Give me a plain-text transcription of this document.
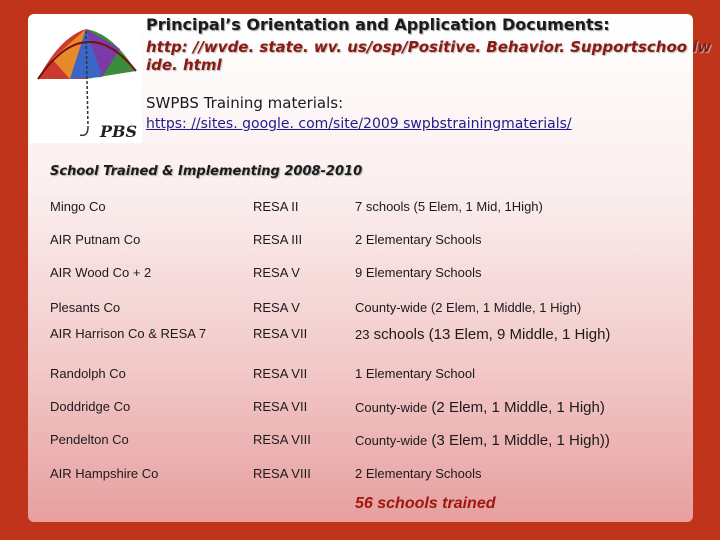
PBS
Principal’s Orientation and Application Documents:
http: //wvde. state. wv. us/osp/Positive. Behavior. Supportschoo lwide. html
SWPBS Training materials:
https: //sites. google. com/site/2009 swpbstrainingmaterials/
School Trained & Implementing 2008-2010
Mingo Co	RESA II	7 schools (5 Elem, 1 Mid, 1High)
AIR Putnam Co	RESA III	2 Elementary Schools
AIR Wood Co + 2	RESA V	9 Elementary Schools
Plesants Co	RESA V	County-wide (2 Elem, 1 Middle, 1 High)
AIR Harrison Co & RESA 7	RESA VII	23 schools (13 Elem, 9 Middle, 1 High)
Randolph Co	RESA VII	1 Elementary School
Doddridge Co	RESA VII	County-wide (2 Elem, 1 Middle, 1 High)
Pendelton Co	RESA VIII	County-wide (3 Elem, 1 Middle, 1 High))
AIR Hampshire Co	RESA VIII	2 Elementary Schools
56 schools trained
